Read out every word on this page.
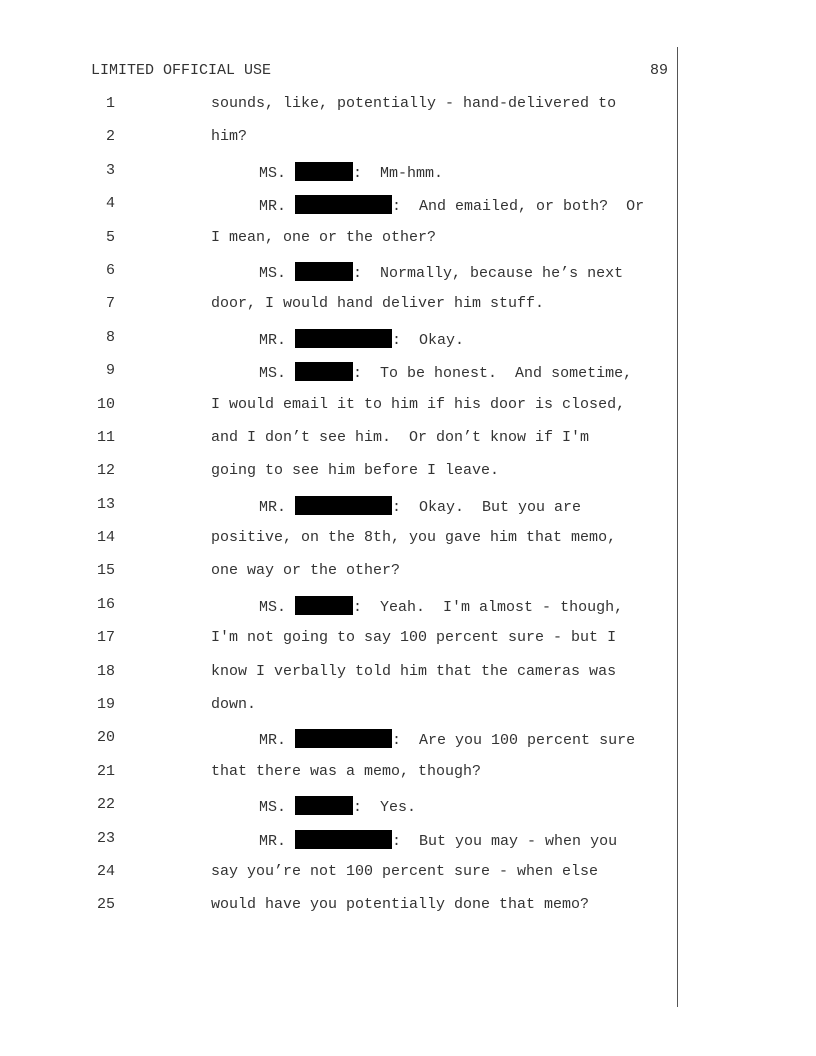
LIMITED OFFICIAL USE	89
1	sounds, like, potentially - hand-delivered to
2	him?
3	MS.	:  Mm-hmm.
4	MR.	:  And emailed, or both?  Or
5	I mean, one or the other?
6	MS.	:  Normally, because he’s next
7	door, I would hand deliver him stuff.
8	MR.	:  Okay.
9	MS.	:  To be honest.  And sometime,
10	I would email it to him if his door is closed,
11	and I don’t see him.  Or don’t know if I'm
12	going to see him before I leave.
13	MR.	:  Okay.  But you are
14	positive, on the 8th, you gave him that memo,
15	one way or the other?
16	MS.	:  Yeah.  I'm almost - though,
17	I'm not going to say 100 percent sure - but I
18	know I verbally told him that the cameras was
19	down.
20	MR.	:  Are you 100 percent sure
21	that there was a memo, though?
22	MS.	:  Yes.
23	MR.	:  But you may - when you
24	say you’re not 100 percent sure - when else
25	would have you potentially done that memo?
